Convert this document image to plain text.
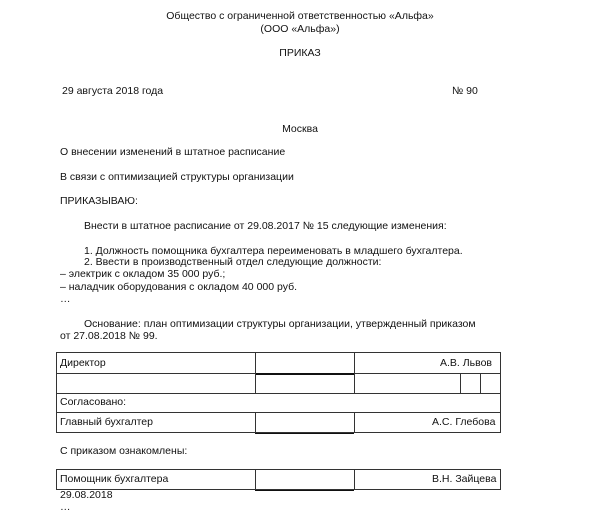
Общество с ограниченной ответственностью «Альфа»
(ООО «Альфа»)
ПРИКАЗ
29 августа 2018 года	№ 90
Москва
О внесении изменений в штатное расписание
В связи с оптимизацией структуры организации
ПРИКАЗЫВАЮ:
Внести в штатное расписание от 29.08.2017 № 15 следующие изменения:
1. Должность помощника бухгалтера переименовать в младшего бухгалтера.
2. Ввести в производственный отдел следующие должности:
– электрик с окладом 35 000 руб.;
– наладчик оборудования с окладом 40 000 руб.
…
Основание: план оптимизации структуры организации, утвержденный приказом
от 27.08.2018 № 99.
Директор	А.В. Львов
Согласовано:
Главный бухгалтер	А.С. Глебова
С приказом ознакомлены:
Помощник бухгалтера	В.Н. Зайцева
29.08.2018
…
